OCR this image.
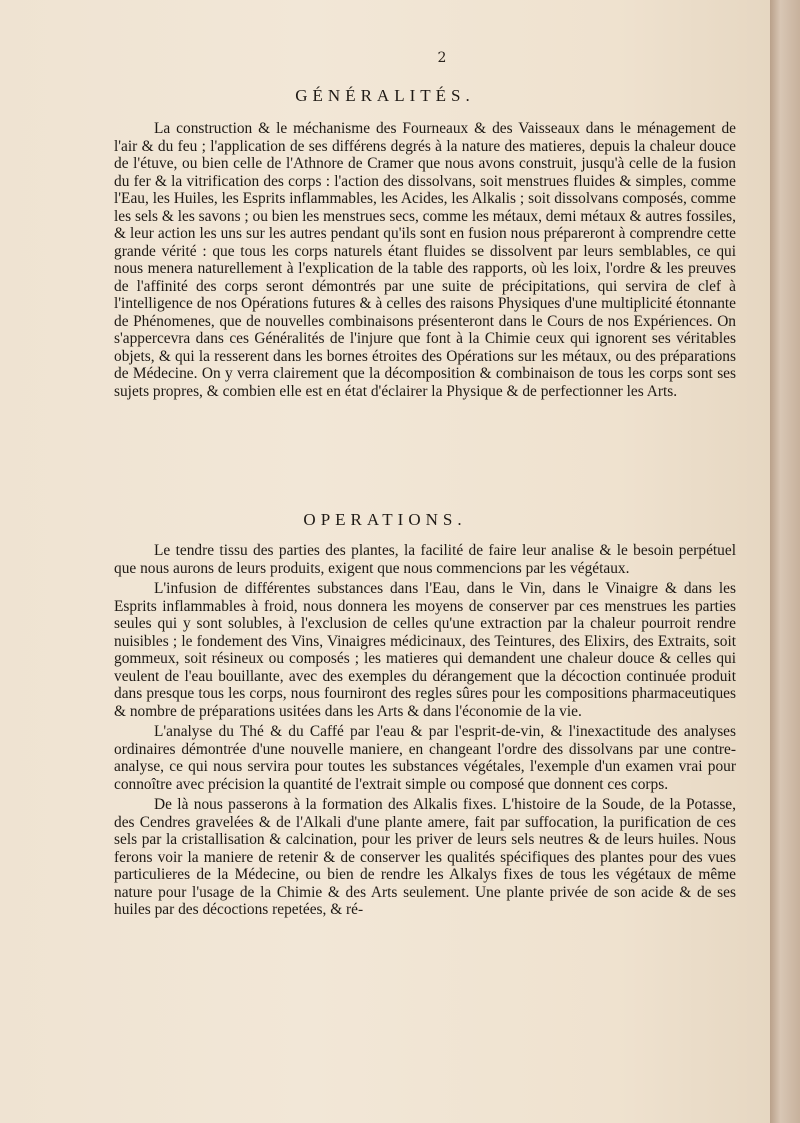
2
GÉNÉRALITÉS.

La construction & le méchanisme des Fourneaux & des Vaisseaux dans le ménagement de l'air & du feu ; l'application de ses différens degrés à la nature des matieres, depuis la chaleur douce de l'étuve, ou bien celle de l'Athnore de Cramer que nous avons construit, jusqu'à celle de la fusion du fer & la vitrification des corps : l'action des dissolvans, soit menstrues fluides & simples, comme l'Eau, les Huiles, les Esprits inflammables, les Acides, les Alkalis ; soit dissolvans composés, comme les sels & les savons ; ou bien les menstrues secs, comme les métaux, demi métaux & autres fossiles, & leur action les uns sur les autres pendant qu'ils sont en fusion nous prépareront à comprendre cette grande vérité : que tous les corps naturels étant fluides se dissolvent par leurs semblables, ce qui nous menera naturellement à l'explication de la table des rapports, où les loix, l'ordre & les preuves de l'affinité des corps seront démontrés par une suite de précipitations, qui servira de clef à l'intelligence de nos Opérations futures & à celles des raisons Physiques d'une multiplicité étonnante de Phénomenes, que de nouvelles combinaisons présenteront dans le Cours de nos Expériences. On s'appercevra dans ces Généralités de l'injure que font à la Chimie ceux qui ignorent ses véritables objets, & qui la resserent dans les bornes étroites des Opérations sur les métaux, ou des préparations de Médecine. On y verra clairement que la décomposition & combinaison de tous les corps sont ses sujets propres, & combien elle est en état d'éclairer la Physique & de perfectionner les Arts.

OPERATIONS.

Le tendre tissu des parties des plantes, la facilité de faire leur analise & le besoin perpétuel que nous aurons de leurs produits, exigent que nous commencions par les végétaux.

L'infusion de différentes substances dans l'Eau, dans le Vin, dans le Vinaigre & dans les Esprits inflammables à froid, nous donnera les moyens de conserver par ces menstrues les parties seules qui y sont solubles, à l'exclusion de celles qu'une extraction par la chaleur pourroit rendre nuisibles ; le fondement des Vins, Vinaigres médicinaux, des Teintures, des Elixirs, des Extraits, soit gommeux, soit résineux ou composés ; les matieres qui demandent une chaleur douce & celles qui veulent de l'eau bouillante, avec des exemples du dérangement que la décoction continuée produit dans presque tous les corps, nous fourniront des regles sûres pour les compositions pharmaceutiques & nombre de préparations usitées dans les Arts & dans l'économie de la vie.

L'analyse du Thé & du Caffé par l'eau & par l'esprit-de-vin, & l'inexactitude des analyses ordinaires démontrée d'une nouvelle maniere, en changeant l'ordre des dissolvans par une contre-analyse, ce qui nous servira pour toutes les substances végétales, l'exemple d'un examen vrai pour connoître avec précision la quantité de l'extrait simple ou composé que donnent ces corps.

De là nous passerons à la formation des Alkalis fixes. L'histoire de la Soude, de la Potasse, des Cendres gravelées & de l'Alkali d'une plante amere, fait par suffocation, la purification de ces sels par la cristallisation & calcination, pour les priver de leurs sels neutres & de leurs huiles. Nous ferons voir la maniere de retenir & de conserver les qualités spécifiques des plantes pour des vues particulieres de la Médecine, ou bien de rendre les Alkalys fixes de tous les végétaux de même nature pour l'usage de la Chimie & des Arts seulement. Une plante privée de son acide & de ses huiles par des décoctions repetées, & ré-
